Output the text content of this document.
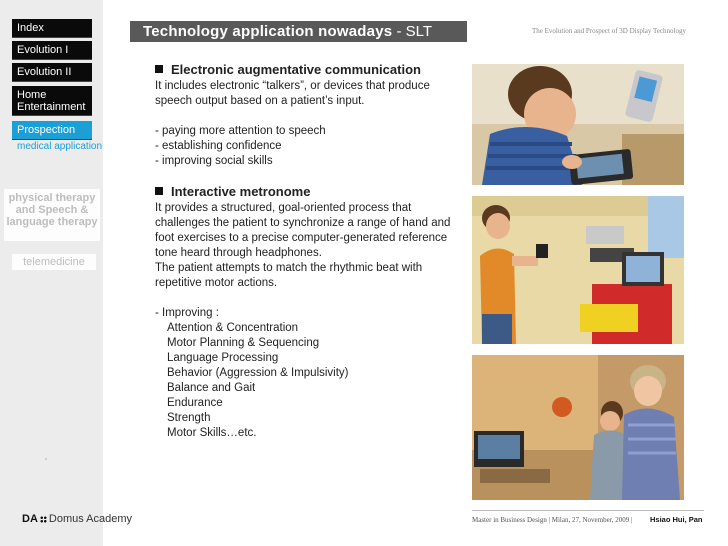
Index
Evolution I
Evolution II
Home Entertainment
Prospection
medical application
physical therapy and Speech & language therapy
telemedicine
Technology application nowadays - SLT	The Evolution and Prospect of 3D Display Technology
Electronic augmentative communication
It includes electronic “talkers”, or devices that produce speech output based on a patient’s input.
- paying more attention to speech
- establishing confidence
- improving social skills
Interactive metronome
It provides a structured, goal-oriented process that challenges the patient to synchronize a range of hand and foot exercises to a precise computer-generated reference tone heard through headphones.
The patient attempts to match the rhythmic beat with repetitive motor actions.
- Improving :
Attention & Concentration
Motor Planning & Sequencing
Language Processing
Behavior (Aggression & Impulsivity)
Balance and Gait
Endurance
Strength
Motor Skills…etc.
DA Domus Academy	Master in Business Design | Milan, 27, November, 2009 | Hsiao Hui, Pan
